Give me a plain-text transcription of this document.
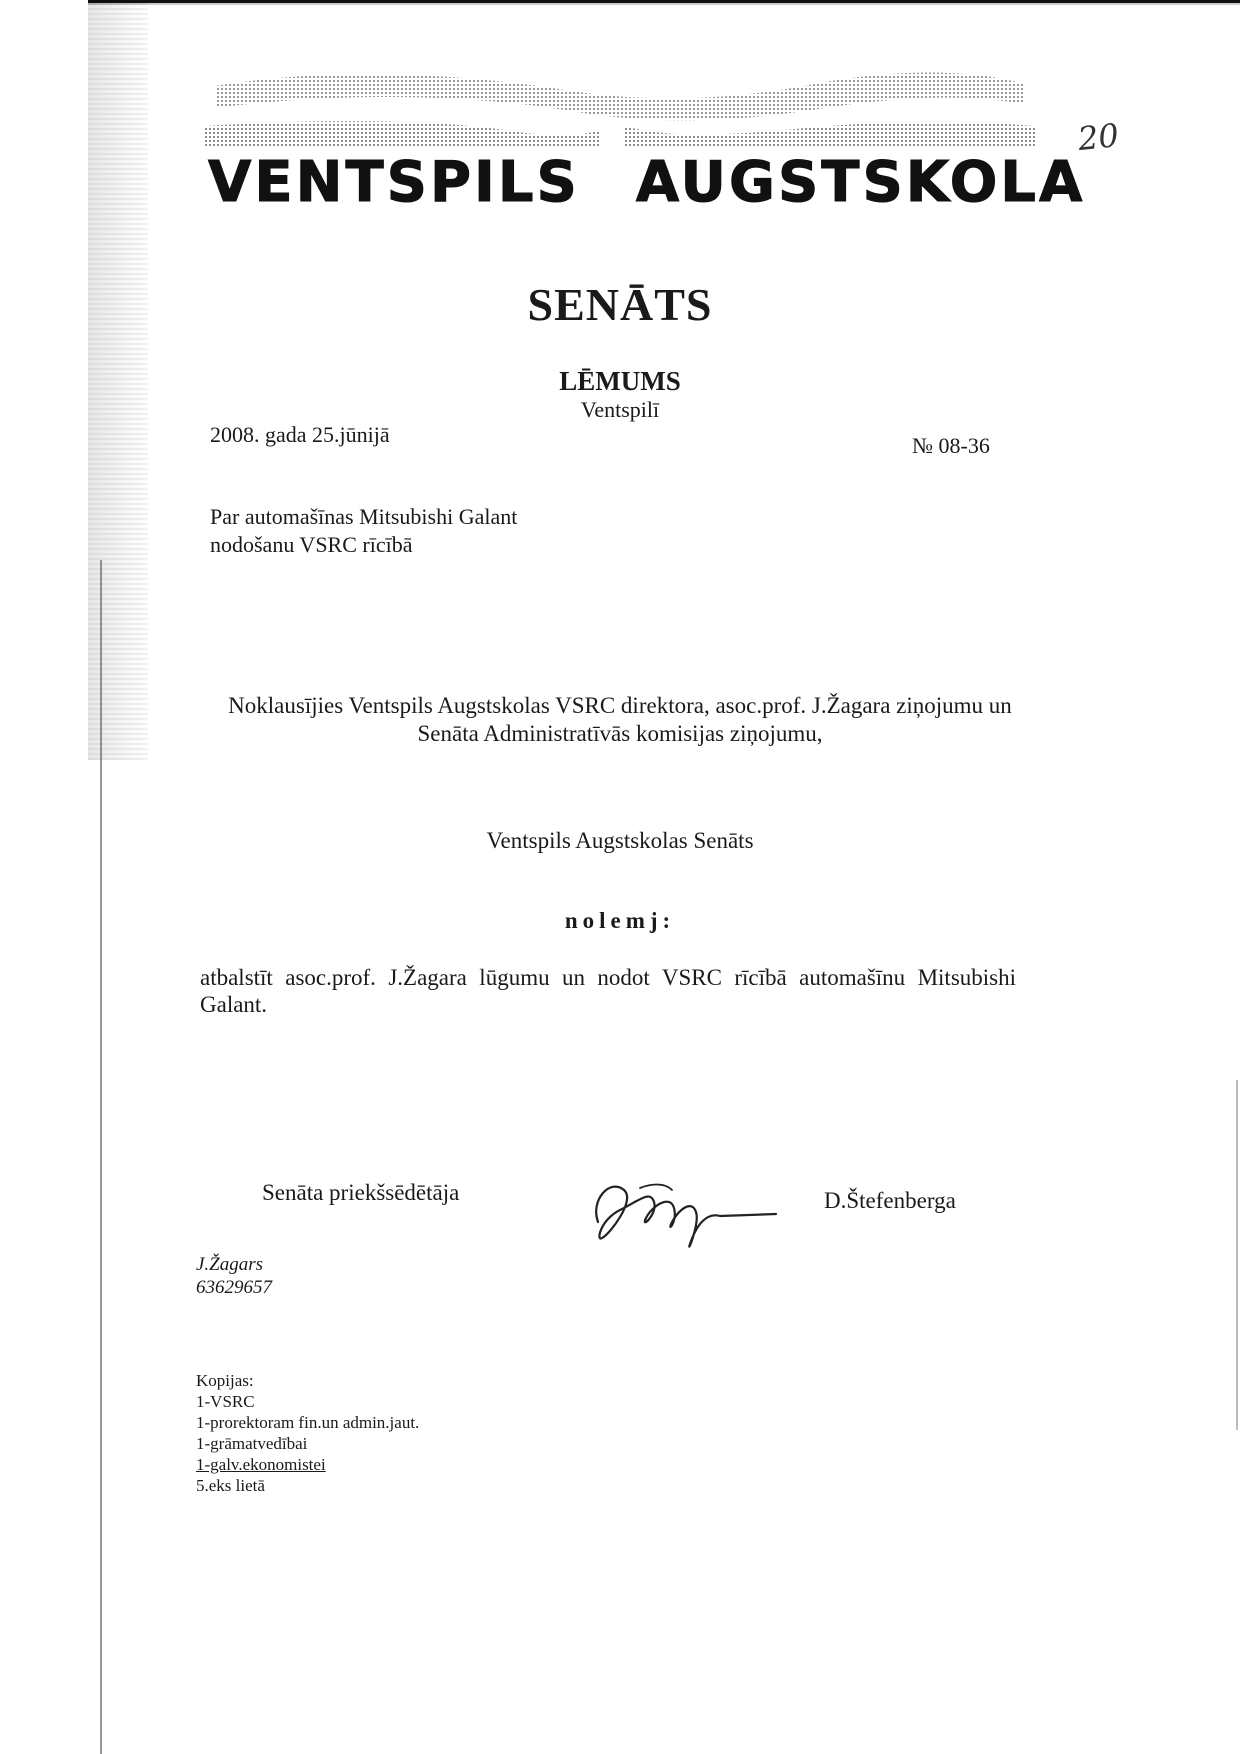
VENTSPILS AUGSTSKOLA
20
SENĀTS
LĒMUMS
Ventspilī
2008. gada 25.jūnijā	№ 08-36
Par automašīnas Mitsubishi Galant
nodošanu VSRC rīcībā
Noklausījies Ventspils Augstskolas VSRC direktora, asoc.prof. J.Žagara ziņojumu un
Senāta Administratīvās komisijas ziņojumu,
Ventspils Augstskolas Senāts
nolemj:
atbalstīt asoc.prof. J.Žagara lūgumu un nodot VSRC rīcībā automašīnu Mitsubishi Galant.
Senāta priekšsēdētāja	D.Štefenberga
J.Žagars
63629657
Kopijas:
1-VSRC
1-prorektoram fin.un admin.jaut.
1-grāmatvedībai
1-galv.ekonomistei
5.eks lietā
